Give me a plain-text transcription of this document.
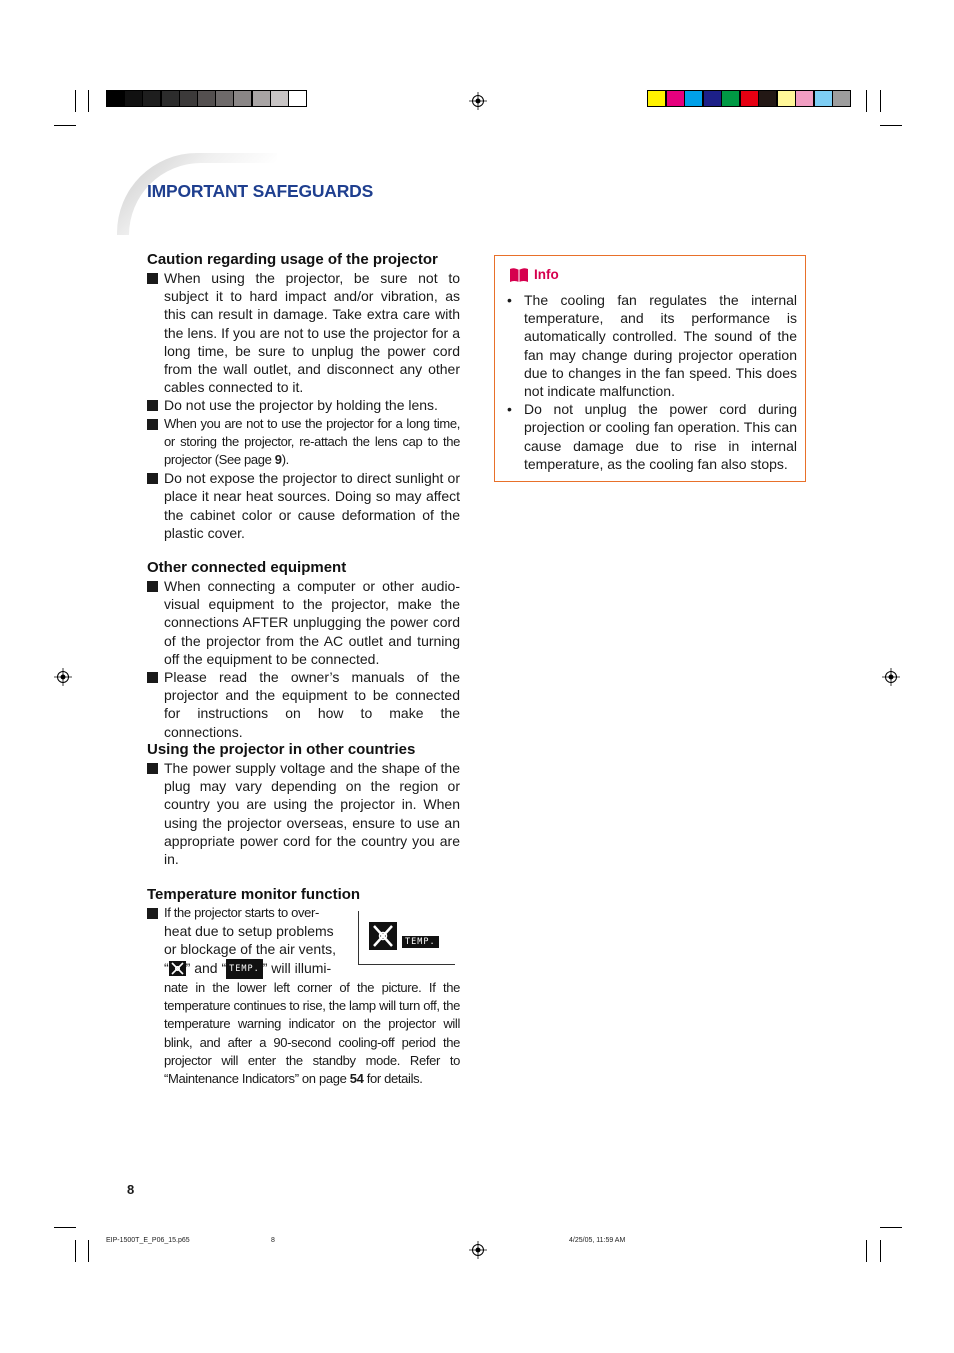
IMPORTANT SAFEGUARDS
Caution regarding usage of the projector
When using the projector, be sure not to subject it to hard impact and/or vibration, as this can result in damage. Take extra care with the lens. If you are not to use the projector for a long time, be sure to unplug the power cord from the wall outlet, and disconnect any other cables connected to it.
Do not use the projector by holding the lens.
When you are not to use the projector for a long time, or storing the projector, re-attach the lens cap to the projector (See page 9).
Do not expose the projector to direct sunlight or place it near heat sources. Doing so may affect the cabinet color or cause deformation of the plastic cover.
Other connected equipment
When connecting a computer or other audio-visual equipment to the projector, make the connections AFTER unplugging the power cord of the projector from the AC outlet and turning off the equipment to be connected.
Please read the owner’s manuals of the projector and the equipment to be connected for instructions on how to make the connections.
Using the projector in other countries
The power supply voltage and the shape of the plug may vary depending on the region or country you are using the projector in. When using the projector overseas, ensure to use an appropriate power cord for the country you are in.
Temperature monitor function
If the projector starts to over-
heat due to setup problems
or blockage of the air vents,
“ ” and “ TEMP. ” will illumi-
nate in the lower left corner of the picture. If the temperature continues to rise, the lamp will turn off, the temperature warning indicator on the projector will blink, and after a 90-second cooling-off period the projector will enter the standby mode. Refer to “Maintenance Indicators” on page 54 for details.
TEMP.
Info
• The cooling fan regulates the internal temperature, and its performance is automatically controlled. The sound of the fan may change during projector operation due to changes in the fan speed. This does not indicate malfunction.
• Do not unplug the power cord during projection or cooling fan operation. This can cause damage due to rise in internal temperature, as the cooling fan also stops.
8
EIP-1500T_E_P06_15.p65	8	4/25/05, 11:59 AM
